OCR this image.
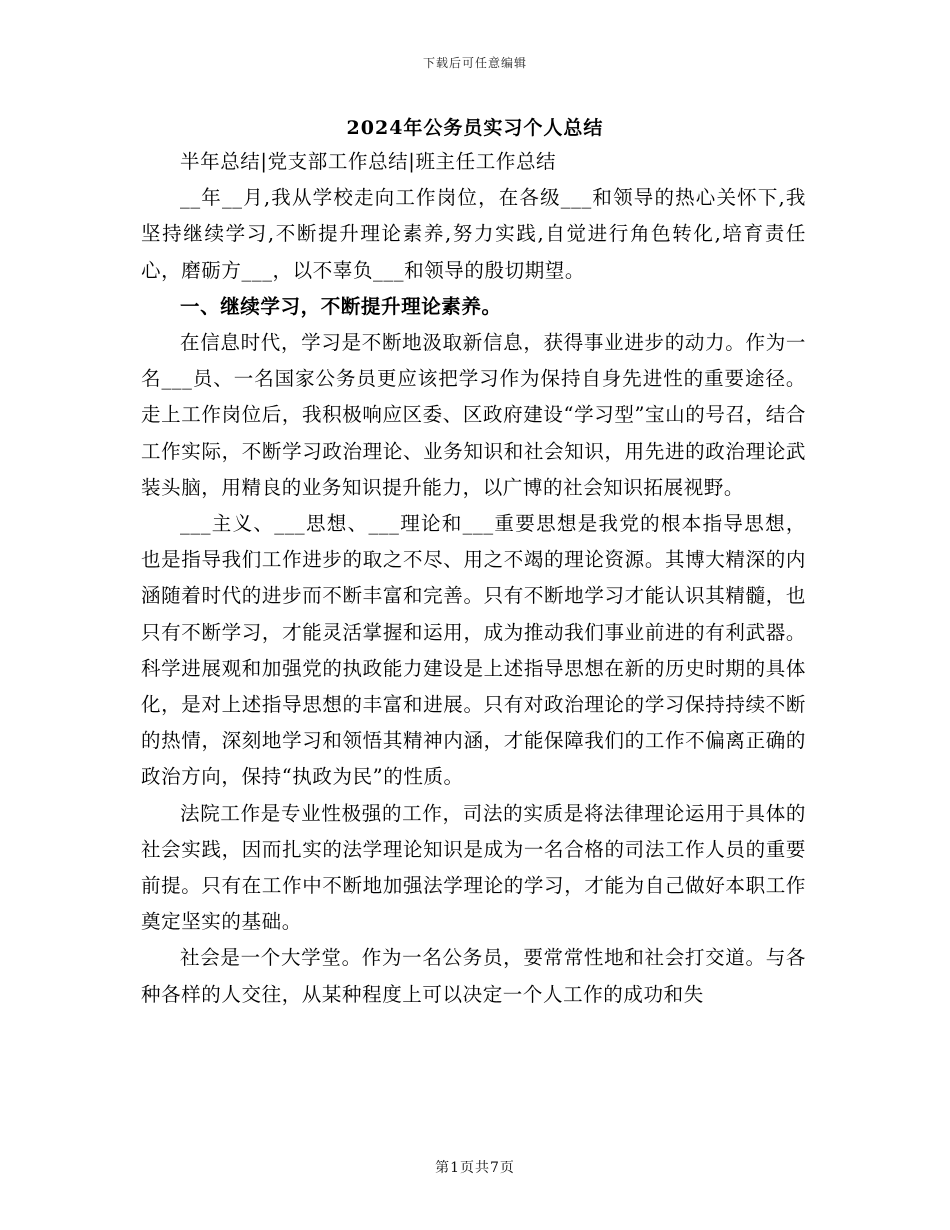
下载后可任意编辑
2024年公务员实习个人总结

半年总结|党支部工作总结|班主任工作总结

__年__月,我从学校走向工作岗位，在各级___和领导的热心关怀下,我坚持继续学习,不断提升理论素养,努力实践,自觉进行角色转化,培育责任心，磨砺方___，以不辜负___和领导的殷切期望。

一、继续学习，不断提升理论素养。

在信息时代，学习是不断地汲取新信息，获得事业进步的动力。作为一名___员、一名国家公务员更应该把学习作为保持自身先进性的重要途径。走上工作岗位后，我积极响应区委、区政府建设“学习型”宝山的号召，结合工作实际，不断学习政治理论、业务知识和社会知识，用先进的政治理论武装头脑，用精良的业务知识提升能力，以广博的社会知识拓展视野。

___主义、___思想、___理论和___重要思想是我党的根本指导思想，也是指导我们工作进步的取之不尽、用之不竭的理论资源。其博大精深的内涵随着时代的进步而不断丰富和完善。只有不断地学习才能认识其精髓，也只有不断学习，才能灵活掌握和运用，成为推动我们事业前进的有利武器。科学进展观和加强党的执政能力建设是上述指导思想在新的历史时期的具体化，是对上述指导思想的丰富和进展。只有对政治理论的学习保持持续不断的热情，深刻地学习和领悟其精神内涵，才能保障我们的工作不偏离正确的政治方向，保持“执政为民”的性质。

法院工作是专业性极强的工作，司法的实质是将法律理论运用于具体的社会实践，因而扎实的法学理论知识是成为一名合格的司法工作人员的重要前提。只有在工作中不断地加强法学理论的学习，才能为自己做好本职工作奠定坚实的基础。

社会是一个大学堂。作为一名公务员，要常常性地和社会打交道。与各种各样的人交往，从某种程度上可以决定一个人工作的成功和失

第1页共7页
